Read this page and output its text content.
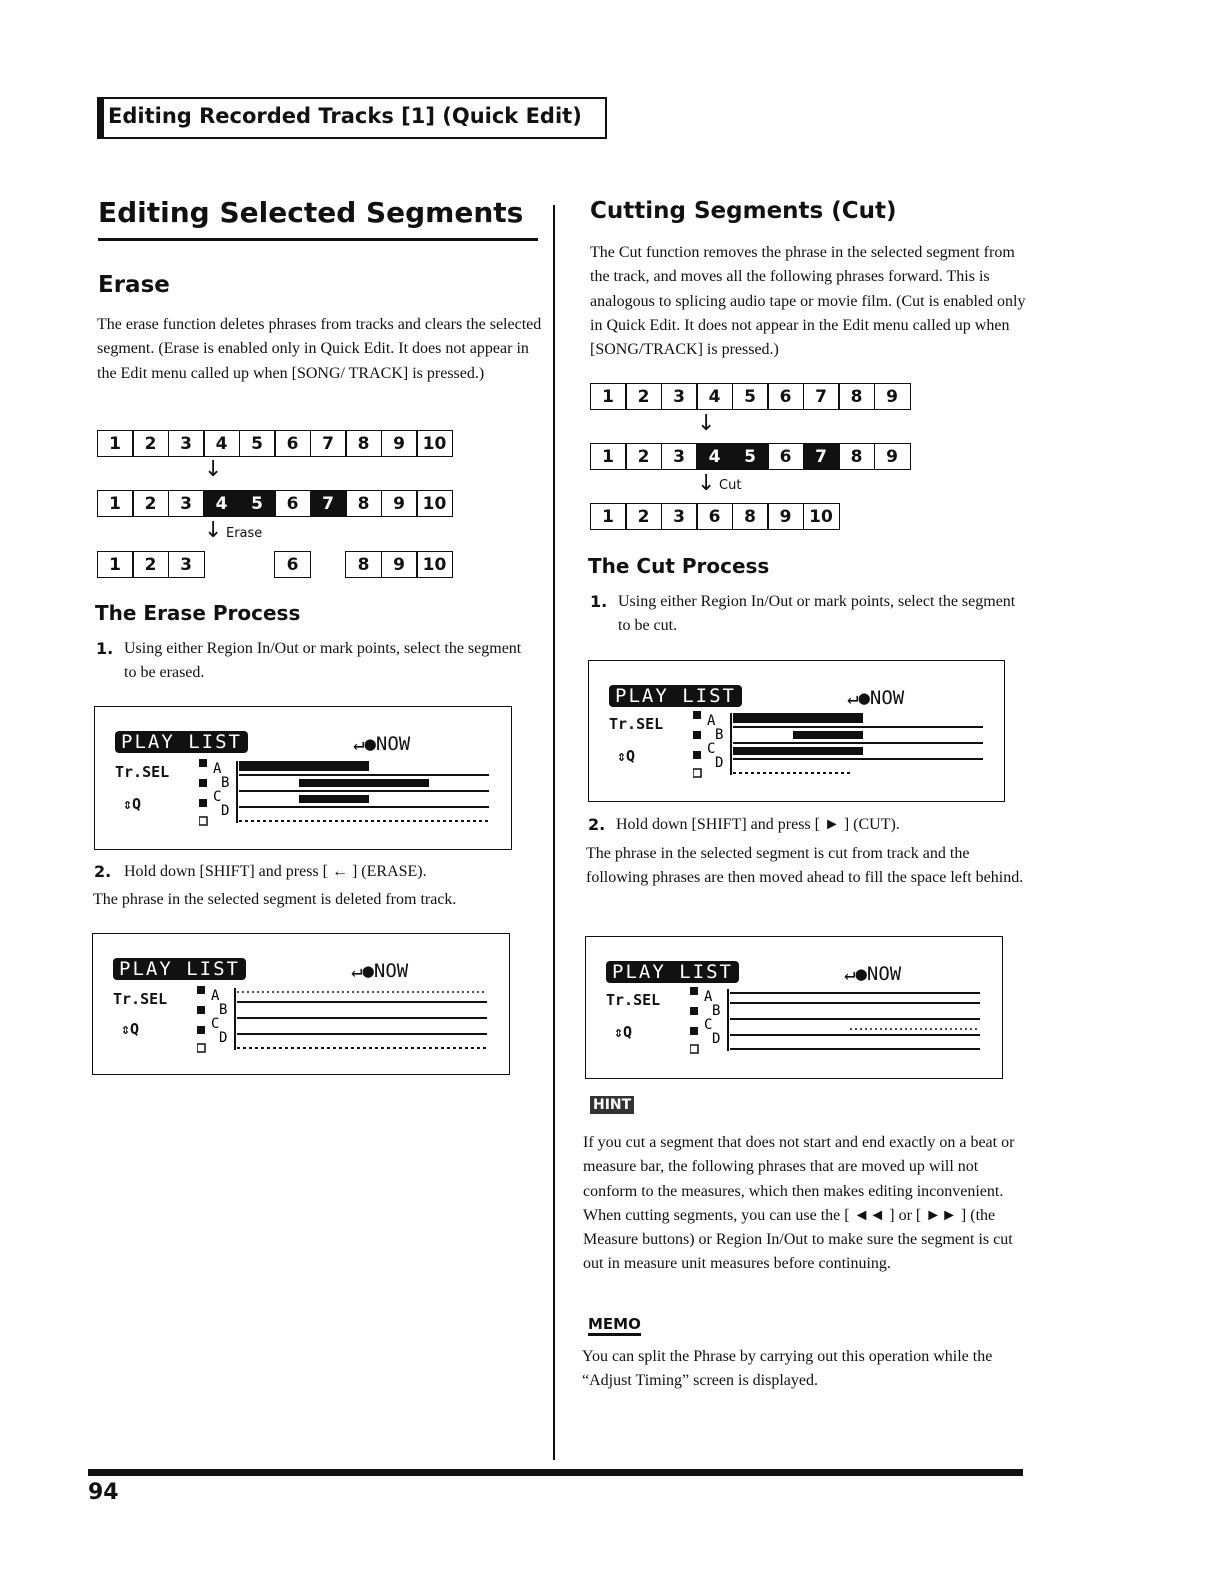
Editing Recorded Tracks [1] (Quick Edit)
Editing Selected Segments
Erase
The erase function deletes phrases from tracks and clears the selected segment. (Erase is enabled only in Quick Edit. It does not appear in the Edit menu called up when [SONG/ TRACK] is pressed.)
1	2	3	4	5	6	7	8	9	10
↓
1	2	3	4	5	6	7	8	9	10
↓ Erase
1	2	3	6	8	9	10
The Erase Process
1. Using either Region In/Out or mark points, select the segment to be erased.
PLAY LIST	↵●NOW
Tr.SEL
⇕Q
A
B
C
D
2. Hold down [SHIFT] and press [ ← ] (ERASE).
The phrase in the selected segment is deleted from track.
PLAY LIST	↵●NOW
Tr.SEL
⇕Q
A
B
C
D
Cutting Segments (Cut)
The Cut function removes the phrase in the selected segment from the track, and moves all the following phrases forward. This is analogous to splicing audio tape or movie film. (Cut is enabled only in Quick Edit. It does not appear in the Edit menu called up when [SONG/TRACK] is pressed.)
1	2	3	4	5	6	7	8	9
↓
1	2	3	4	5	6	7	8	9
↓ Cut
1	2	3	6	8	9	10
The Cut Process
1. Using either Region In/Out or mark points, select the segment to be cut.
PLAY LIST	↵●NOW
Tr.SEL
⇕Q
A
B
C
D
2. Hold down [SHIFT] and press [ ► ] (CUT).
The phrase in the selected segment is cut from track and the following phrases are then moved ahead to fill the space left behind.
PLAY LIST	↵●NOW
Tr.SEL
⇕Q
A
B
C
D
HINT
If you cut a segment that does not start and end exactly on a beat or measure bar, the following phrases that are moved up will not conform to the measures, which then makes editing inconvenient. When cutting segments, you can use the [ ◄◄ ] or [ ►► ] (the Measure buttons) or Region In/Out to make sure the segment is cut out in measure unit measures before continuing.
MEMO
You can split the Phrase by carrying out this operation while the “Adjust Timing” screen is displayed.
94
